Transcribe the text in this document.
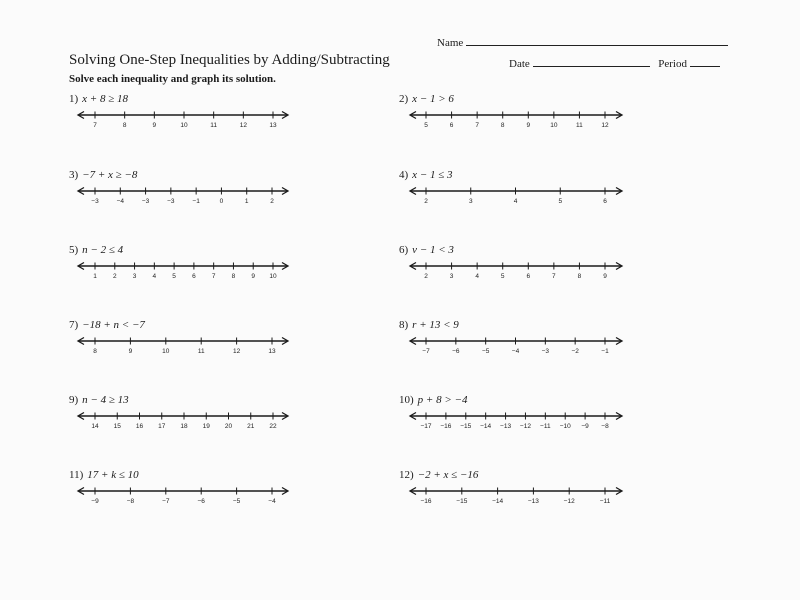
Name
Solving One-Step Inequalities by Adding/Subtracting	Date	Period
Solve each inequality and graph its solution.
1) x + 8 ≥ 18	2) x − 1 > 6
3) −7 + x ≥ −8	4) x − 1 ≤ 3
5) n − 2 ≤ 4	6) v − 1 < 3
7) −18 + n < −7	8) r + 13 < 9
9) n − 4 ≥ 13	10) p + 8 > −4
11) 17 + k ≤ 10	12) −2 + x ≤ −16
7	8	9	10	11	12	13	5	6	7	8	9	10	11	12
−3	−4	−3	−3	−1	0	1	2	2	3	4	5	6
1 2 3 4 5 6 7 8 9 10	2	3	4	5	6	7	8	9
8	9	10	11	12	13	−7	−6	−5	−4	−3	−2	−1
14 15 16 17 18 19 20 21 22	−17 −16 −15 −14 −13 −12 −11 −10 −9 −8
−9	−8	−7	−6	−5	−4	−16	−15	−14	−13	−12	−11
